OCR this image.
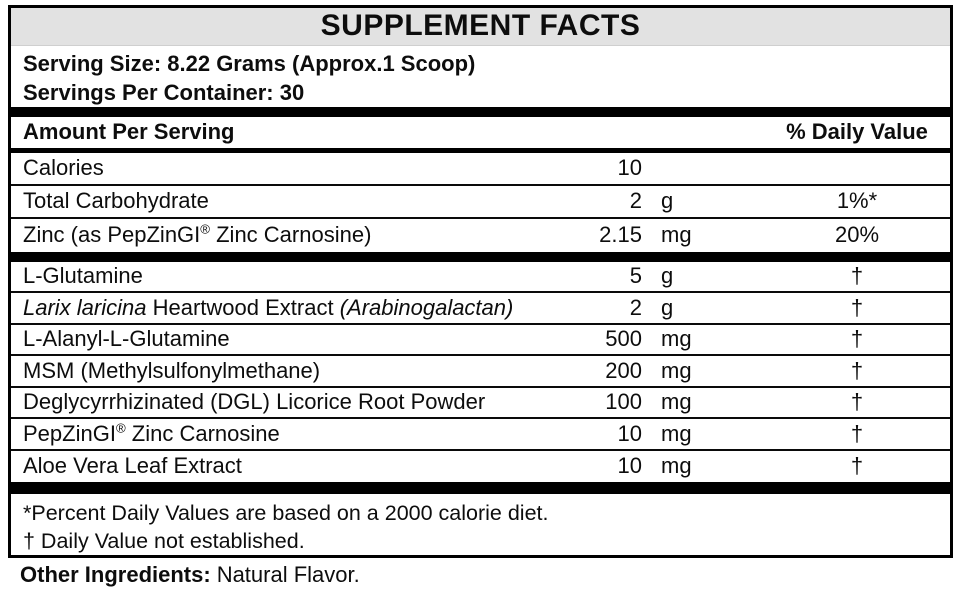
SUPPLEMENT FACTS
Serving Size: 8.22 Grams (Approx.1 Scoop)
Servings Per Container: 30
Amount Per Serving	% Daily Value
Calories	10
Total Carbohydrate	2 g	1%*
Zinc (as PepZinGI® Zinc Carnosine)	2.15 mg	20%
L-Glutamine	5 g	†
Larix laricina Heartwood Extract (Arabinogalactan)	2 g	†
L-Alanyl-L-Glutamine	500 mg	†
MSM (Methylsulfonylmethane)	200 mg	†
Deglycyrrhizinated (DGL) Licorice Root Powder	100 mg	†
PepZinGI® Zinc Carnosine	10 mg	†
Aloe Vera Leaf Extract	10 mg	†
*Percent Daily Values are based on a 2000 calorie diet.
† Daily Value not established.
Other Ingredients: Natural Flavor.
